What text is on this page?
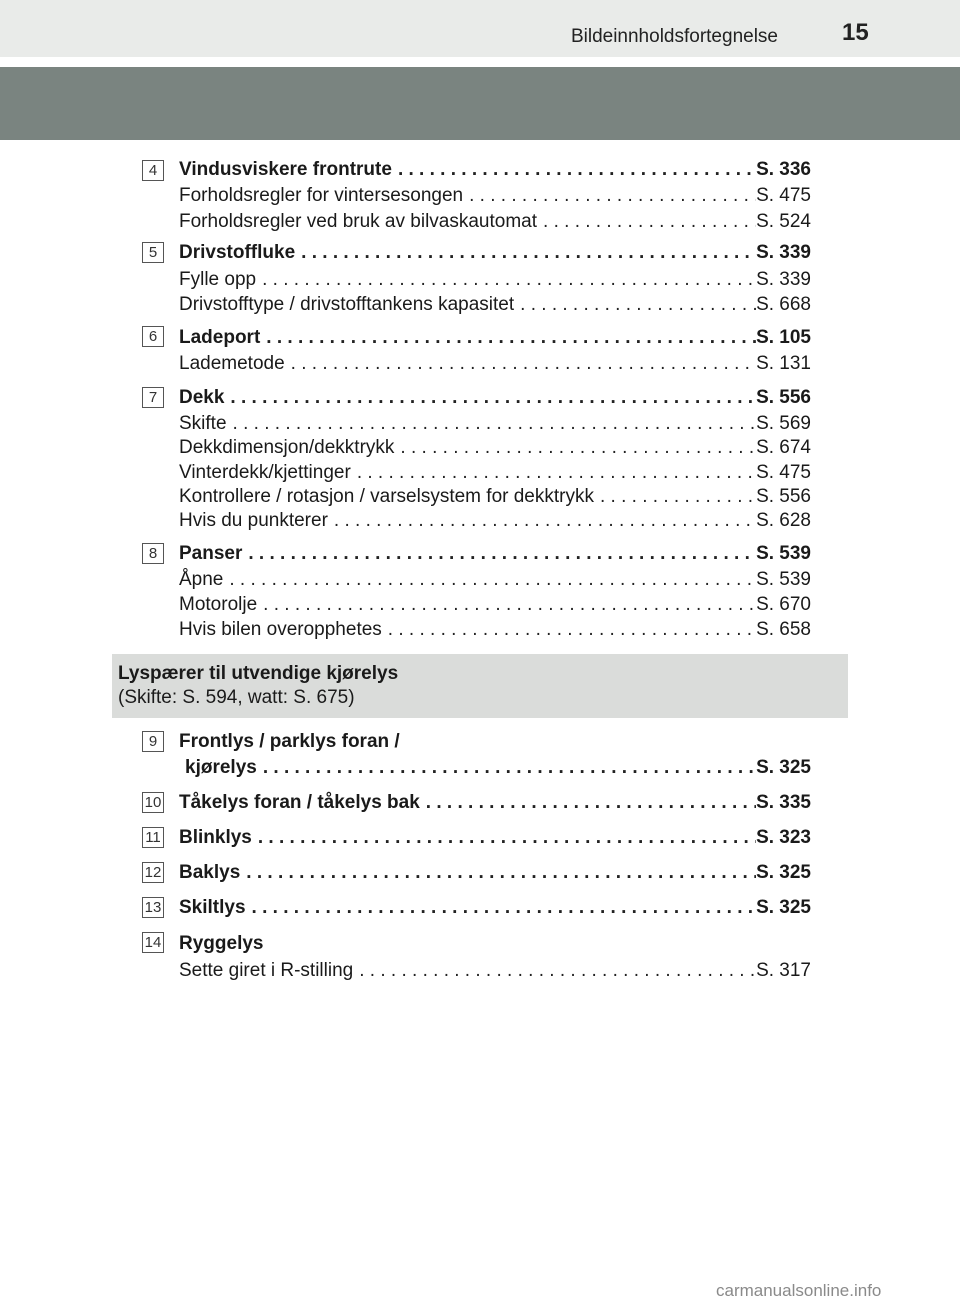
Bildeinnholdsfortegnelse	15
4	Vindusviskere frontrute . . .	S. 336
Forholdsregler for vintersesongen . . .	S. 475
Forholdsregler ved bruk av bilvaskautomat . . .	S. 524
5	Drivstoffluke . . .	S. 339
Fylle opp . . .	S. 339
Drivstofftype / drivstofftankens kapasitet . . .	S. 668
6	Ladeport . . .	S. 105
Lademetode . . .	S. 131
7	Dekk . . .	S. 556
Skifte . . .	S. 569
Dekkdimensjon/dekktrykk . . .	S. 674
Vinterdekk/kjettinger . . .	S. 475
Kontrollere / rotasjon / varselsystem for dekktrykk . . .	S. 556
Hvis du punkterer . . .	S. 628
8	Panser . . .	S. 539
Åpne . . .	S. 539
Motorolje . . .	S. 670
Hvis bilen overopphetes . . .	S. 658
9	Frontlys / parklys foran /
kjørelys . . .	S. 325
10 Tåkelys foran / tåkelys bak . . .	S. 335
11 Blinklys . . .	S. 323
12 Baklys . . .	S. 325
13 Skiltlys . . .	S. 325
14 Ryggelys
Sette giret i R-stilling . . .	S. 317
Lyspærer til utvendige kjørelys
(Skifte: S. 594, watt: S. 675)
carmanualsonline.info
